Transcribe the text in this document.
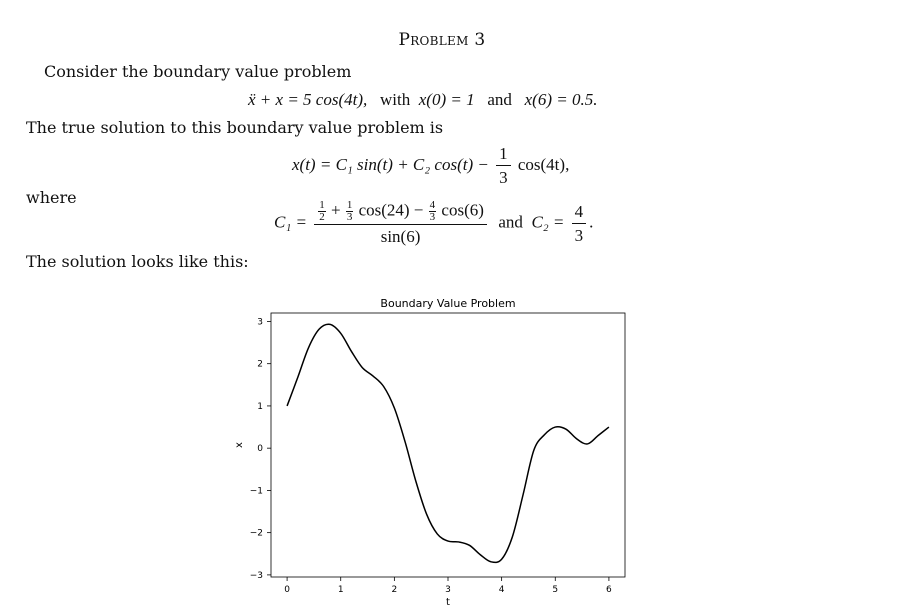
Problem 3
Consider the boundary value problem
ẍ + x = 5 cos(4t), with x(0) = 1 and x(6) = 0.5.
The true solution to this boundary value problem is
x(t) = C₁ sin(t) + C₂ $\cos(t) - \frac{1}{3} \cos(4t)$,
where
$C_1 = \frac{\frac{1}{2} + \frac{1}{3} \cos(24) - \frac{4}{3} \cos(6)}{\sin(6)}$ and $C_2 = \frac{4}{3}$ .
The solution looks like this:
Boundary Value Problem
0	1	2	3	4	5	6
3
2
1
0
−1
−2
−3
t
x
